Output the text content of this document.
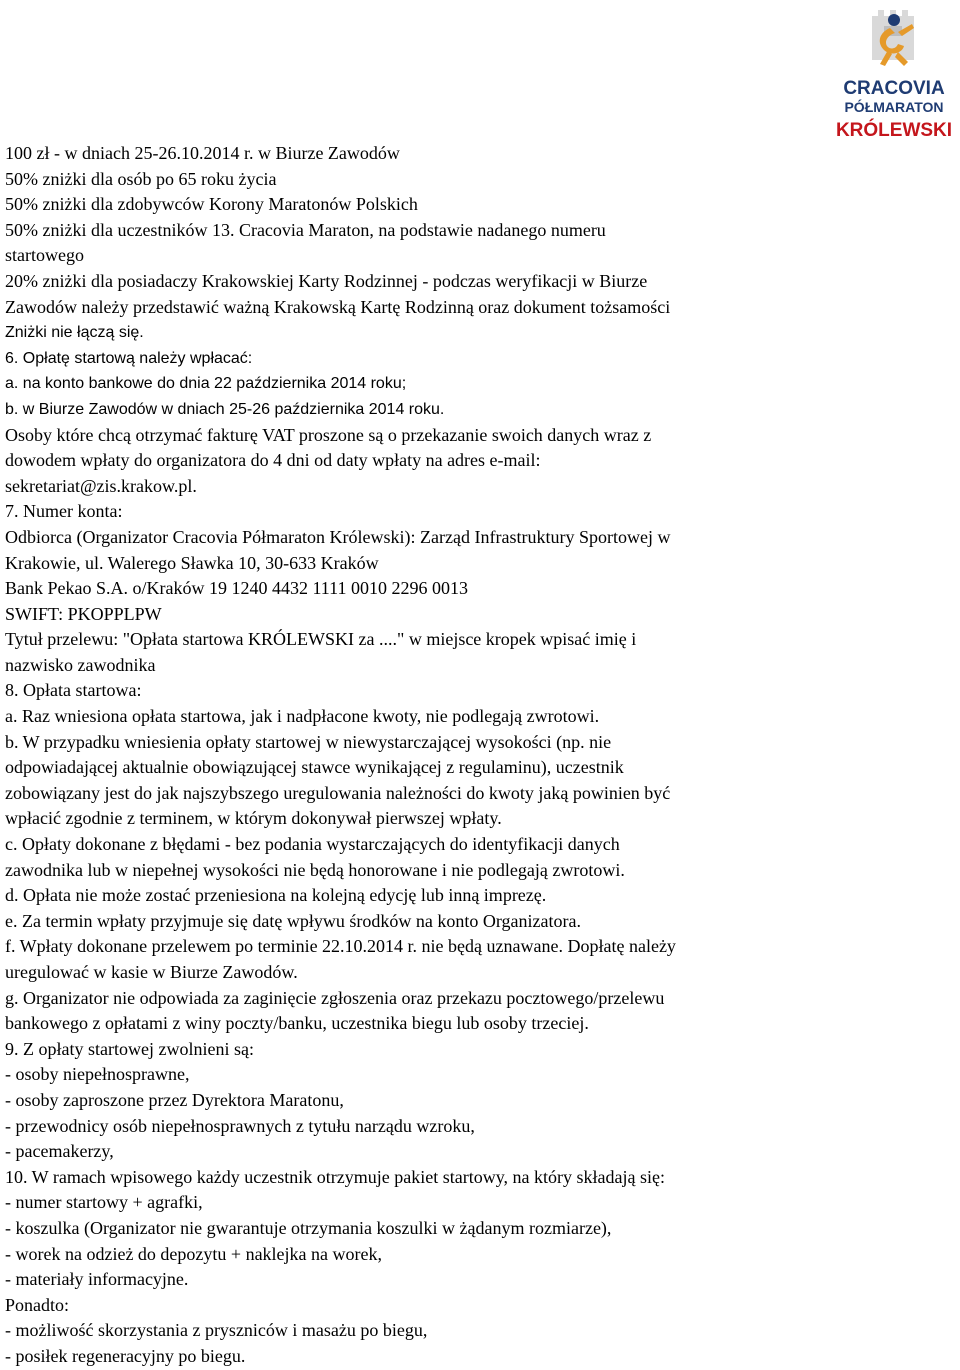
CRACOVIA
PÓŁMARATON
KRÓLEWSKI
100 zł - w dniach 25-26.10.2014 r. w Biurze Zawodów
50% zniżki dla osób po 65 roku życia
50% zniżki dla zdobywców Korony Maratonów Polskich
50% zniżki dla uczestników 13. Cracovia Maraton, na podstawie nadanego numeru
startowego
20% zniżki dla posiadaczy Krakowskiej Karty Rodzinnej - podczas weryfikacji w Biurze
Zawodów należy przedstawić ważną Krakowską Kartę Rodzinną oraz dokument tożsamości
Zniżki nie łączą się.
6. Opłatę startową należy wpłacać:
a. na konto bankowe do dnia 22 października 2014 roku;
b. w Biurze Zawodów w dniach 25-26 października 2014 roku.
Osoby które chcą otrzymać fakturę VAT proszone są o przekazanie swoich danych wraz z
dowodem wpłaty do organizatora do 4 dni od daty wpłaty na adres e-mail:
sekretariat@zis.krakow.pl.
7. Numer konta:
Odbiorca (Organizator Cracovia Półmaraton Królewski): Zarząd Infrastruktury Sportowej w
Krakowie, ul. Walerego Sławka 10, 30-633 Kraków
Bank Pekao S.A. o/Kraków 19 1240 4432 1111 0010 2296 0013
SWIFT: PKOPPLPW
Tytuł przelewu: "Opłata startowa KRÓLEWSKI za ...." w miejsce kropek wpisać imię i
nazwisko zawodnika
8. Opłata startowa:
a. Raz wniesiona opłata startowa, jak i nadpłacone kwoty, nie podlegają zwrotowi.
b. W przypadku wniesienia opłaty startowej w niewystarczającej wysokości (np. nie
odpowiadającej aktualnie obowiązującej stawce wynikającej z regulaminu), uczestnik
zobowiązany jest do jak najszybszego uregulowania należności do kwoty jaką powinien być
wpłacić zgodnie z terminem, w którym dokonywał pierwszej wpłaty.
c. Opłaty dokonane z błędami - bez podania wystarczających do identyfikacji danych
zawodnika lub w niepełnej wysokości nie będą honorowane i nie podlegają zwrotowi.
d. Opłata nie może zostać przeniesiona na kolejną edycję lub inną imprezę.
e. Za termin wpłaty przyjmuje się datę wpływu środków na konto Organizatora.
f. Wpłaty dokonane przelewem po terminie 22.10.2014 r. nie będą uznawane. Dopłatę należy
uregulować w kasie w Biurze Zawodów.
g. Organizator nie odpowiada za zaginięcie zgłoszenia oraz przekazu pocztowego/przelewu
bankowego z opłatami z winy poczty/banku, uczestnika biegu lub osoby trzeciej.
9. Z opłaty startowej zwolnieni są:
- osoby niepełnosprawne,
- osoby zaproszone przez Dyrektora Maratonu,
- przewodnicy osób niepełnosprawnych z tytułu narządu wzroku,
- pacemakerzy,
10. W ramach wpisowego każdy uczestnik otrzymuje pakiet startowy, na który składają się:
- numer startowy + agrafki,
- koszulka (Organizator nie gwarantuje otrzymania koszulki w żądanym rozmiarze),
- worek na odzież do depozytu + naklejka na worek,
- materiały informacyjne.
Ponadto:
- możliwość skorzystania z pryszniców i masażu po biegu,
- posiłek regeneracyjny po biegu.
